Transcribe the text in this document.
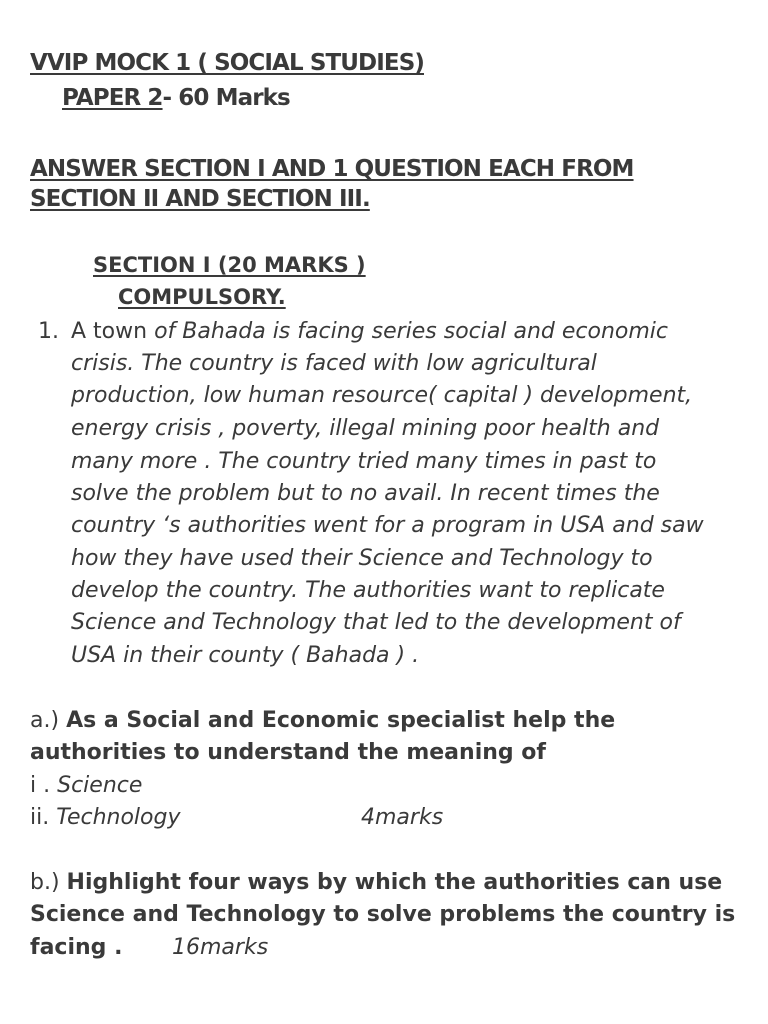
VVIP MOCK 1 ( SOCIAL STUDIES)
PAPER 2- 60 Marks
ANSWER SECTION I AND 1 QUESTION EACH FROM
SECTION II AND SECTION III.
SECTION I (20 MARKS )
COMPULSORY.
1. A town of Bahada is facing series social and economic
crisis. The country is faced with low agricultural
production, low human resource( capital ) development,
energy crisis , poverty, illegal mining poor health and
many more . The country tried many times in past to
solve the problem but to no avail. In recent times the
country ‘s authorities went for a program in USA and saw
how they have used their Science and Technology to
develop the country. The authorities want to replicate
Science and Technology that led to the development of
USA in their county ( Bahada ) .
a.) As a Social and Economic specialist help the
authorities to understand the meaning of
i . Science
ii. Technology	4marks
b.) Highlight four ways by which the authorities can use
Science and Technology to solve problems the country is
facing . 16marks
